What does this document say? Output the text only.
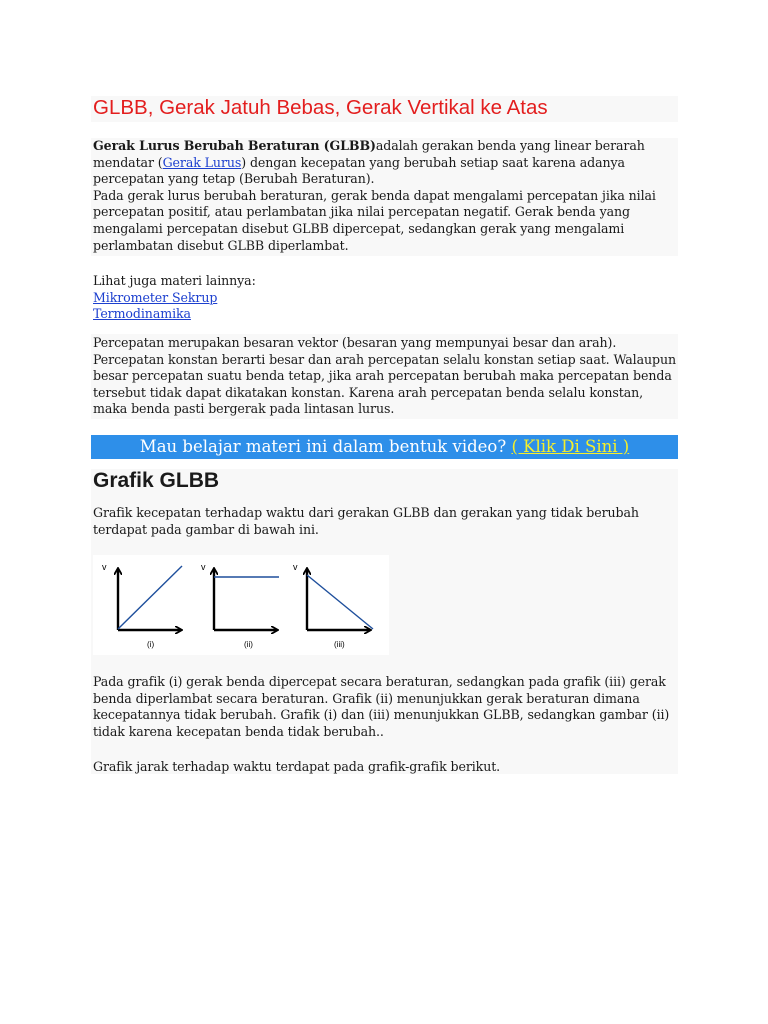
GLBB, Gerak Jatuh Bebas, Gerak Vertikal ke Atas
Gerak Lurus Berubah Beraturan (GLBB)adalah gerakan benda yang linear berarah
mendatar (Gerak Lurus) dengan kecepatan yang berubah setiap saat karena adanya
percepatan yang tetap (Berubah Beraturan).
Pada gerak lurus berubah beraturan, gerak benda dapat mengalami percepatan jika nilai
percepatan positif, atau perlambatan jika nilai percepatan negatif. Gerak benda yang
mengalami percepatan disebut GLBB dipercepat, sedangkan gerak yang mengalami
perlambatan disebut GLBB diperlambat.
Lihat juga materi lainnya:
Mikrometer Sekrup
Termodinamika
Percepatan merupakan besaran vektor (besaran yang mempunyai besar dan arah).
Percepatan konstan berarti besar dan arah percepatan selalu konstan setiap saat. Walaupun
besar percepatan suatu benda tetap, jika arah percepatan berubah maka percepatan benda
tersebut tidak dapat dikatakan konstan. Karena arah percepatan benda selalu konstan,
maka benda pasti bergerak pada lintasan lurus.
Mau belajar materi ini dalam bentuk video? ( Klik Di Sini )
Grafik GLBB
Grafik kecepatan terhadap waktu dari gerakan GLBB dan gerakan yang tidak berubah
terdapat pada gambar di bawah ini.
v
(i)
v
(ii)
v
(iii)
Pada grafik (i) gerak benda dipercepat secara beraturan, sedangkan pada grafik (iii) gerak
benda diperlambat secara beraturan. Grafik (ii) menunjukkan gerak beraturan dimana
kecepatannya tidak berubah. Grafik (i) dan (iii) menunjukkan GLBB, sedangkan gambar (ii)
tidak karena kecepatan benda tidak berubah..
Grafik jarak terhadap waktu terdapat pada grafik-grafik berikut.
